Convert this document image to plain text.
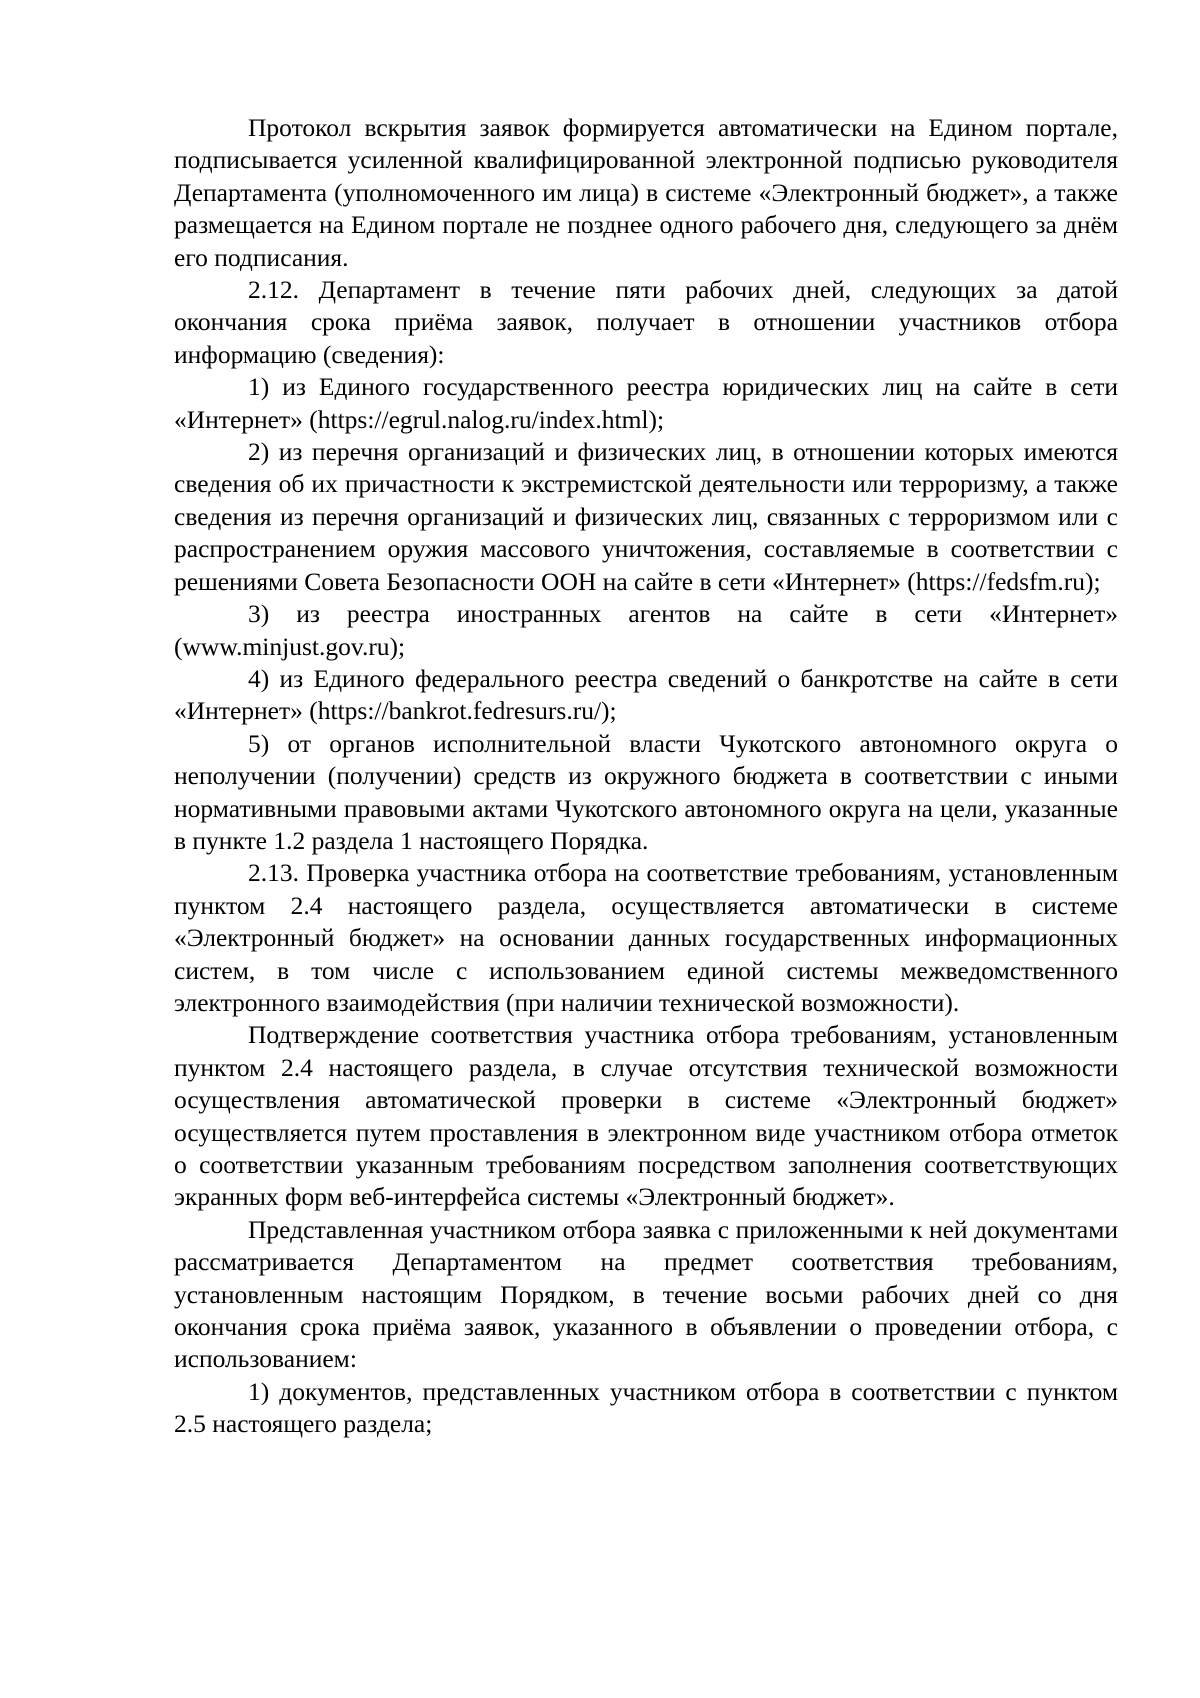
Протокол вскрытия заявок формируется автоматически на Едином портале, подписывается усиленной квалифицированной электронной подписью руководителя Департамента (уполномоченного им лица) в системе «Электронный бюджет», а также размещается на Едином портале не позднее одного рабочего дня, следующего за днём его подписания.

2.12. Департамент в течение пяти рабочих дней, следующих за датой окончания срока приёма заявок, получает в отношении участников отбора информацию (сведения):

1) из Единого государственного реестра юридических лиц на сайте в сети «Интернет» (https://egrul.nalog.ru/index.html);

2) из перечня организаций и физических лиц, в отношении которых имеются сведения об их причастности к экстремистской деятельности или терроризму, а также сведения из перечня организаций и физических лиц, связанных с терроризмом или с распространением оружия массового уничтожения, составляемые в соответствии с решениями Совета Безопасности ООН на сайте в сети «Интернет» (https://fedsfm.ru);

3) из реестра иностранных агентов на сайте в сети «Интернет» (www.minjust.gov.ru);

4) из Единого федерального реестра сведений о банкротстве на сайте в сети «Интернет» (https://bankrot.fedresurs.ru/);

5) от органов исполнительной власти Чукотского автономного округа о неполучении (получении) средств из окружного бюджета в соответствии с иными нормативными правовыми актами Чукотского автономного округа на цели, указанные в пункте 1.2 раздела 1 настоящего Порядка.

2.13. Проверка участника отбора на соответствие требованиям, установленным пунктом 2.4 настоящего раздела, осуществляется автоматически в системе «Электронный бюджет» на основании данных государственных информационных систем, в том числе с использованием единой системы межведомственного электронного взаимодействия (при наличии технической возможности).

Подтверждение соответствия участника отбора требованиям, установленным пунктом 2.4 настоящего раздела, в случае отсутствия технической возможности осуществления автоматической проверки в системе «Электронный бюджет» осуществляется путем проставления в электронном виде участником отбора отметок о соответствии указанным требованиям посредством заполнения соответствующих экранных форм веб-интерфейса системы «Электронный бюджет».

Представленная участником отбора заявка с приложенными к ней документами рассматривается Департаментом на предмет соответствия требованиям, установленным настоящим Порядком, в течение восьми рабочих дней со дня окончания срока приёма заявок, указанного в объявлении о проведении отбора, с использованием:

1) документов, представленных участником отбора в соответствии с пунктом 2.5 настоящего раздела;
